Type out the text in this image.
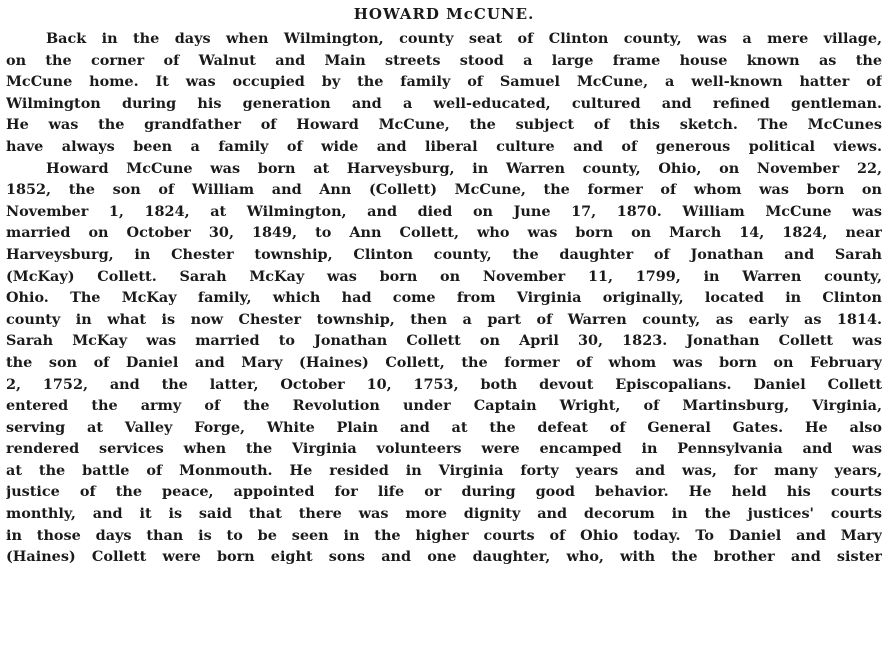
HOWARD McCUNE.
Back in the days when Wilmington, county seat of Clinton county, was a mere village,
on the corner of Walnut and Main streets stood a large frame house known as the
McCune home. It was occupied by the family of Samuel McCune, a well-known hatter of
Wilmington during his generation and a well-educated, cultured and refined gentleman.
He was the grandfather of Howard McCune, the subject of this sketch. The McCunes
have always been a family of wide and liberal culture and of generous political views.
Howard McCune was born at Harveysburg, in Warren county, Ohio, on November 22,
1852, the son of William and Ann (Collett) McCune, the former of whom was born on
November 1, 1824, at Wilmington, and died on June 17, 1870. William McCune was
married on October 30, 1849, to Ann Collett, who was born on March 14, 1824, near
Harveysburg, in Chester township, Clinton county, the daughter of Jonathan and Sarah
(McKay) Collett. Sarah McKay was born on November 11, 1799, in Warren county,
Ohio. The McKay family, which had come from Virginia originally, located in Clinton
county in what is now Chester township, then a part of Warren county, as early as 1814.
Sarah McKay was married to Jonathan Collett on April 30, 1823. Jonathan Collett was
the son of Daniel and Mary (Haines) Collett, the former of whom was born on February
2, 1752, and the latter, October 10, 1753, both devout Episcopalians. Daniel Collett
entered the army of the Revolution under Captain Wright, of Martinsburg, Virginia,
serving at Valley Forge, White Plain and at the defeat of General Gates. He also
rendered services when the Virginia volunteers were encamped in Pennsylvania and was
at the battle of Monmouth. He resided in Virginia forty years and was, for many years,
justice of the peace, appointed for life or during good behavior. He held his courts
monthly, and it is said that there was more dignity and decorum in the justices' courts
in those days than is to be seen in the higher courts of Ohio today. To Daniel and Mary
(Haines) Collett were born eight sons and one daughter, who, with the brother and sister
